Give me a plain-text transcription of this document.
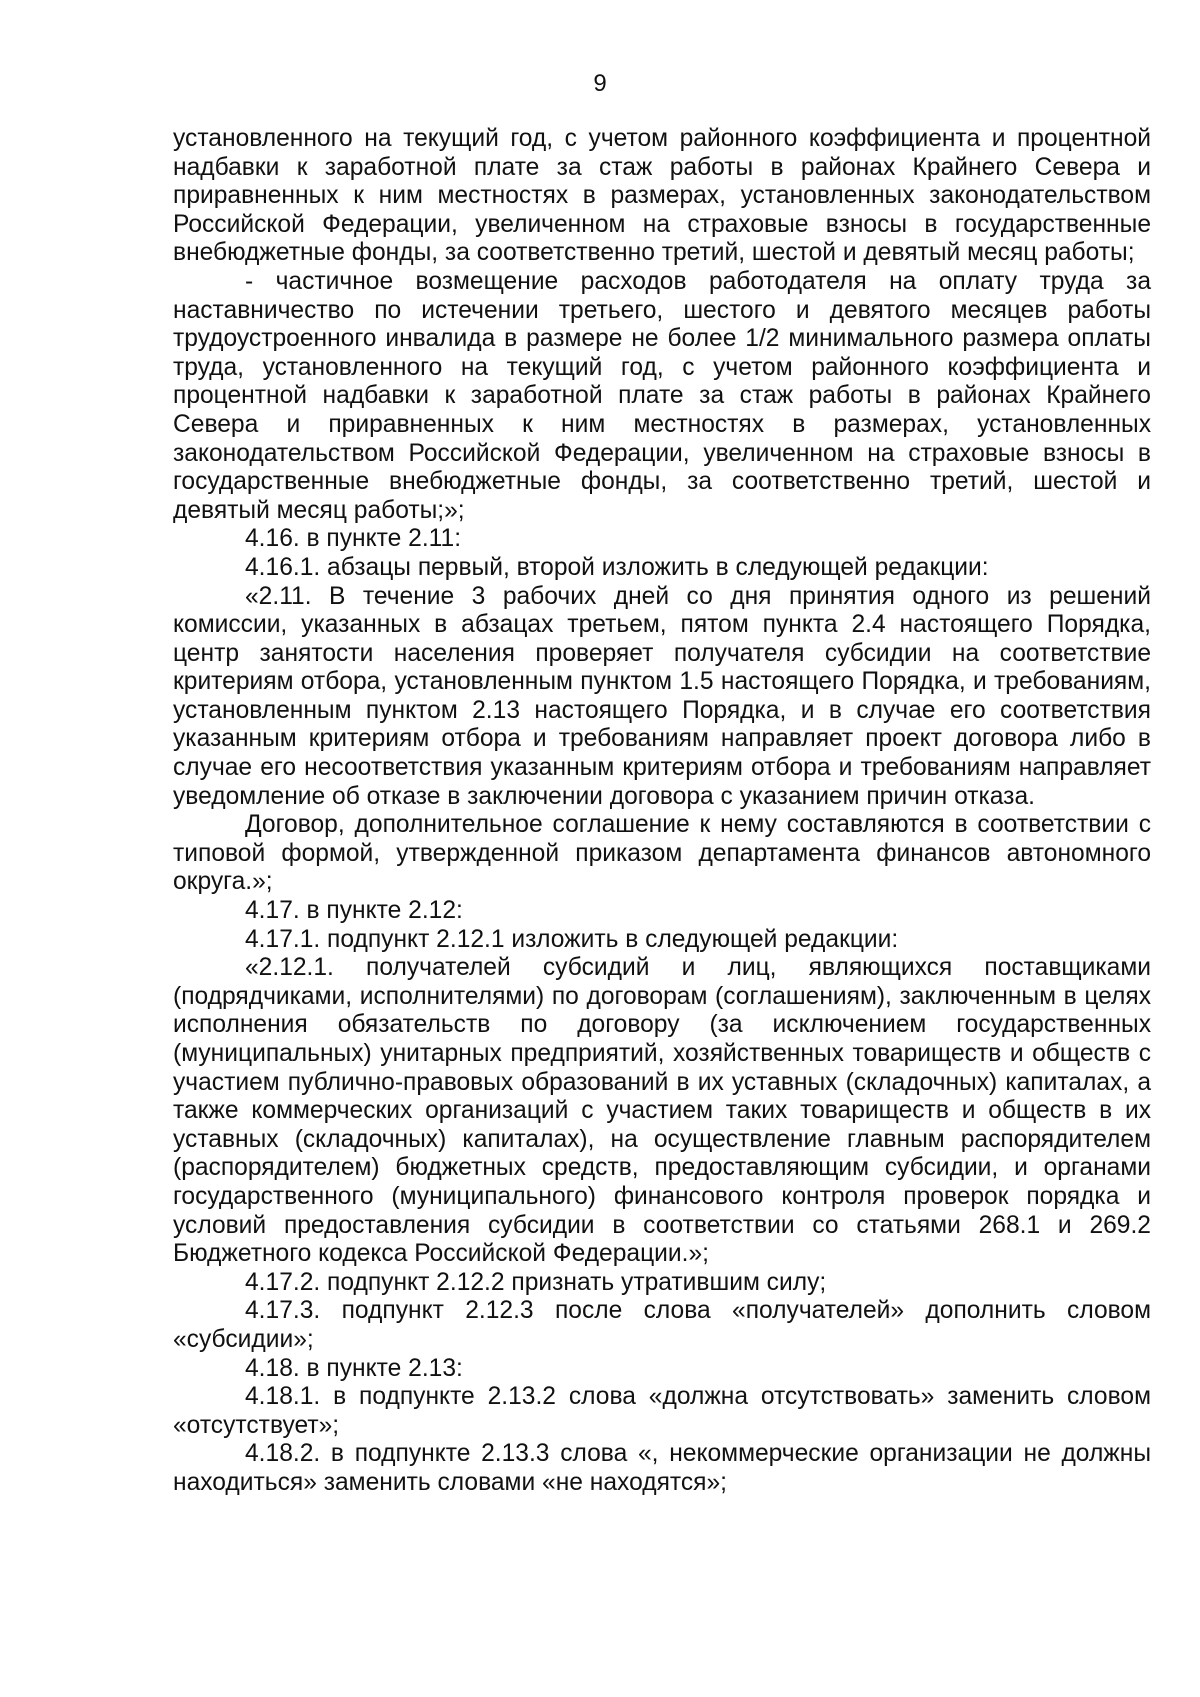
9

установленного на текущий год, с учетом районного коэффициента и процентной надбавки к заработной плате за стаж работы в районах Крайнего Севера и приравненных к ним местностях в размерах, установленных законодательством Российской Федерации, увеличенном на страховые взносы в государственные внебюджетные фонды, за соответственно третий, шестой и девятый месяц работы;

- частичное возмещение расходов работодателя на оплату труда за наставничество по истечении третьего, шестого и девятого месяцев работы трудоустроенного инвалида в размере не более 1/2 минимального размера оплаты труда, установленного на текущий год, с учетом районного коэффициента и процентной надбавки к заработной плате за стаж работы в районах Крайнего Севера и приравненных к ним местностях в размерах, установленных законодательством Российской Федерации, увеличенном на страховые взносы в государственные внебюджетные фонды, за соответственно третий, шестой и девятый месяц работы;»;

4.16. в пункте 2.11:

4.16.1. абзацы первый, второй изложить в следующей редакции:

«2.11. В течение 3 рабочих дней со дня принятия одного из решений комиссии, указанных в абзацах третьем, пятом пункта 2.4 настоящего Порядка, центр занятости населения проверяет получателя субсидии на соответствие критериям отбора, установленным пунктом 1.5 настоящего Порядка, и требованиям, установленным пунктом 2.13 настоящего Порядка, и в случае его соответствия указанным критериям отбора и требованиям направляет проект договора либо в случае его несоответствия указанным критериям отбора и требованиям направляет уведомление об отказе в заключении договора с указанием причин отказа.

Договор, дополнительное соглашение к нему составляются в соответствии с типовой формой, утвержденной приказом департамента финансов автономного округа.»;

4.17. в пункте 2.12:

4.17.1. подпункт 2.12.1 изложить в следующей редакции:

«2.12.1. получателей субсидий и лиц, являющихся поставщиками (подрядчиками, исполнителями) по договорам (соглашениям), заключенным в целях исполнения обязательств по договору (за исключением государственных (муниципальных) унитарных предприятий, хозяйственных товариществ и обществ с участием публично-правовых образований в их уставных (складочных) капиталах, а также коммерческих организаций с участием таких товариществ и обществ в их уставных (складочных) капиталах), на осуществление главным распорядителем (распорядителем) бюджетных средств, предоставляющим субсидии, и органами государственного (муниципального) финансового контроля проверок порядка и условий предоставления субсидии в соответствии со статьями 268.1 и 269.2 Бюджетного кодекса Российской Федерации.»;

4.17.2. подпункт 2.12.2 признать утратившим силу;

4.17.3. подпункт 2.12.3 после слова «получателей» дополнить словом «субсидии»;

4.18. в пункте 2.13:

4.18.1. в подпункте 2.13.2 слова «должна отсутствовать» заменить словом «отсутствует»;

4.18.2. в подпункте 2.13.3 слова «, некоммерческие организации не должны находиться» заменить словами «не находятся»;
